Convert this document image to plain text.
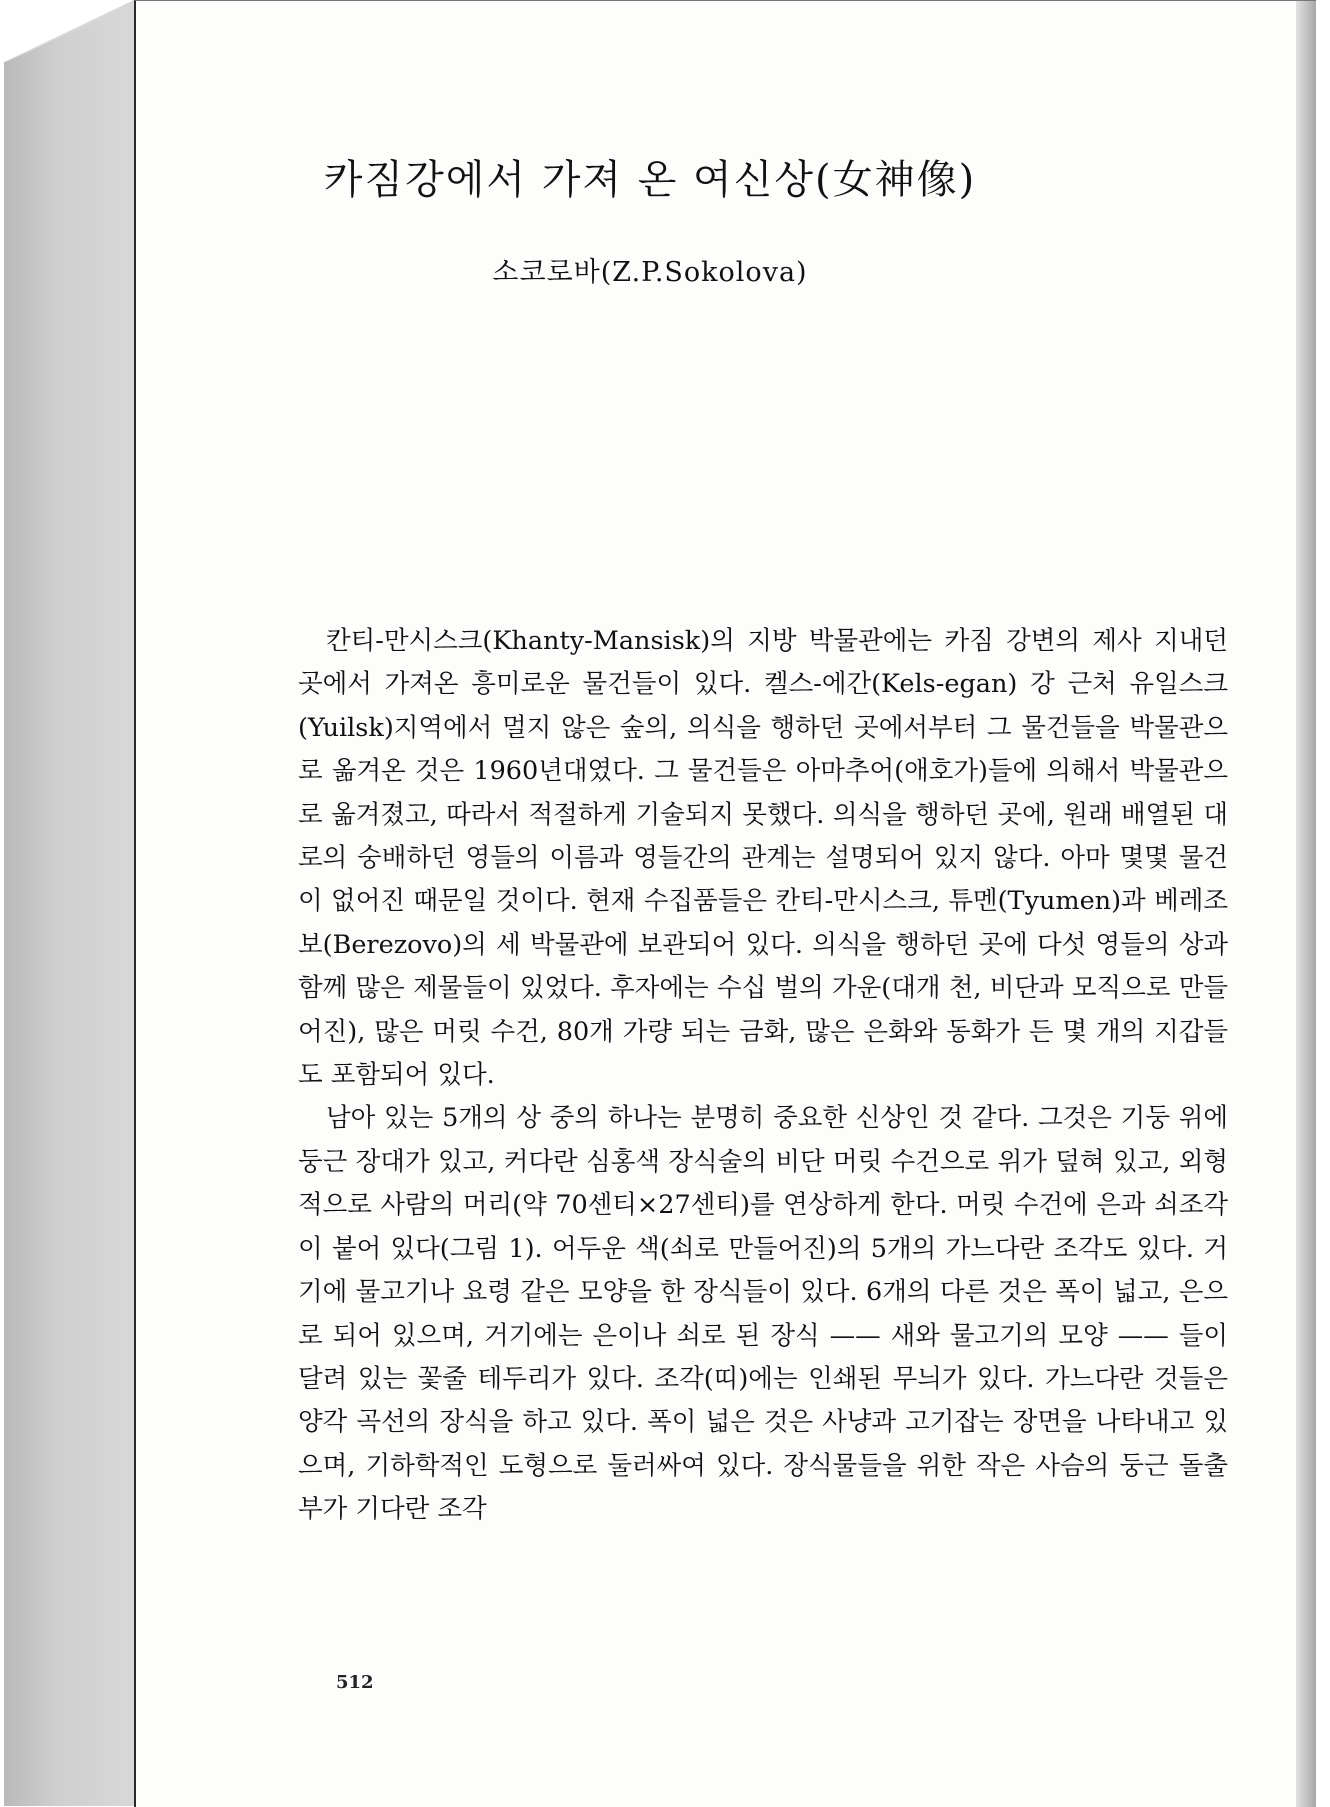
카짐강에서 가져 온 여신상(女神像)
소코로바(Z.P.Sokolova)

칸티-만시스크(Khanty-Mansisk)의 지방 박물관에는 카짐 강변의 제사 지내던 곳에서 가져온 흥미로운 물건들이 있다. 켈스-에간(Kels-egan) 강 근처 유일스크(Yuilsk)지역에서 멀지 않은 숲의, 의식을 행하던 곳에서부터 그 물건들을 박물관으로 옮겨온 것은 1960년대였다. 그 물건들은 아마추어(애호가)들에 의해서 박물관으로 옮겨졌고, 따라서 적절하게 기술되지 못했다. 의식을 행하던 곳에, 원래 배열된 대로의 숭배하던 영들의 이름과 영들간의 관계는 설명되어 있지 않다. 아마 몇몇 물건이 없어진 때문일 것이다. 현재 수집품들은 칸티-만시스크, 튜멘(Tyumen)과 베레조보(Berezovo)의 세 박물관에 보관되어 있다. 의식을 행하던 곳에 다섯 영들의 상과 함께 많은 제물들이 있었다. 후자에는 수십 벌의 가운(대개 천, 비단과 모직으로 만들어진), 많은 머릿 수건, 80개 가량 되는 금화, 많은 은화와 동화가 든 몇 개의 지갑들도 포함되어 있다.

남아 있는 5개의 상 중의 하나는 분명히 중요한 신상인 것 같다. 그것은 기둥 위에 둥근 장대가 있고, 커다란 심홍색 장식술의 비단 머릿 수건으로 위가 덮혀 있고, 외형적으로 사람의 머리(약 70센티×27센티)를 연상하게 한다. 머릿 수건에 은과 쇠조각이 붙어 있다(그림 1). 어두운 색(쇠로 만들어진)의 5개의 가느다란 조각도 있다. 거기에 물고기나 요령 같은 모양을 한 장식들이 있다. 6개의 다른 것은 폭이 넓고, 은으로 되어 있으며, 거기에는 은이나 쇠로 된 장식 —— 새와 물고기의 모양 —— 들이 달려 있는 꽃줄 테두리가 있다. 조각(띠)에는 인쇄된 무늬가 있다. 가느다란 것들은 양각 곡선의 장식을 하고 있다. 폭이 넓은 것은 사냥과 고기잡는 장면을 나타내고 있으며, 기하학적인 도형으로 둘러싸여 있다. 장식물들을 위한 작은 사슴의 둥근 돌출부가 기다란 조각

512
